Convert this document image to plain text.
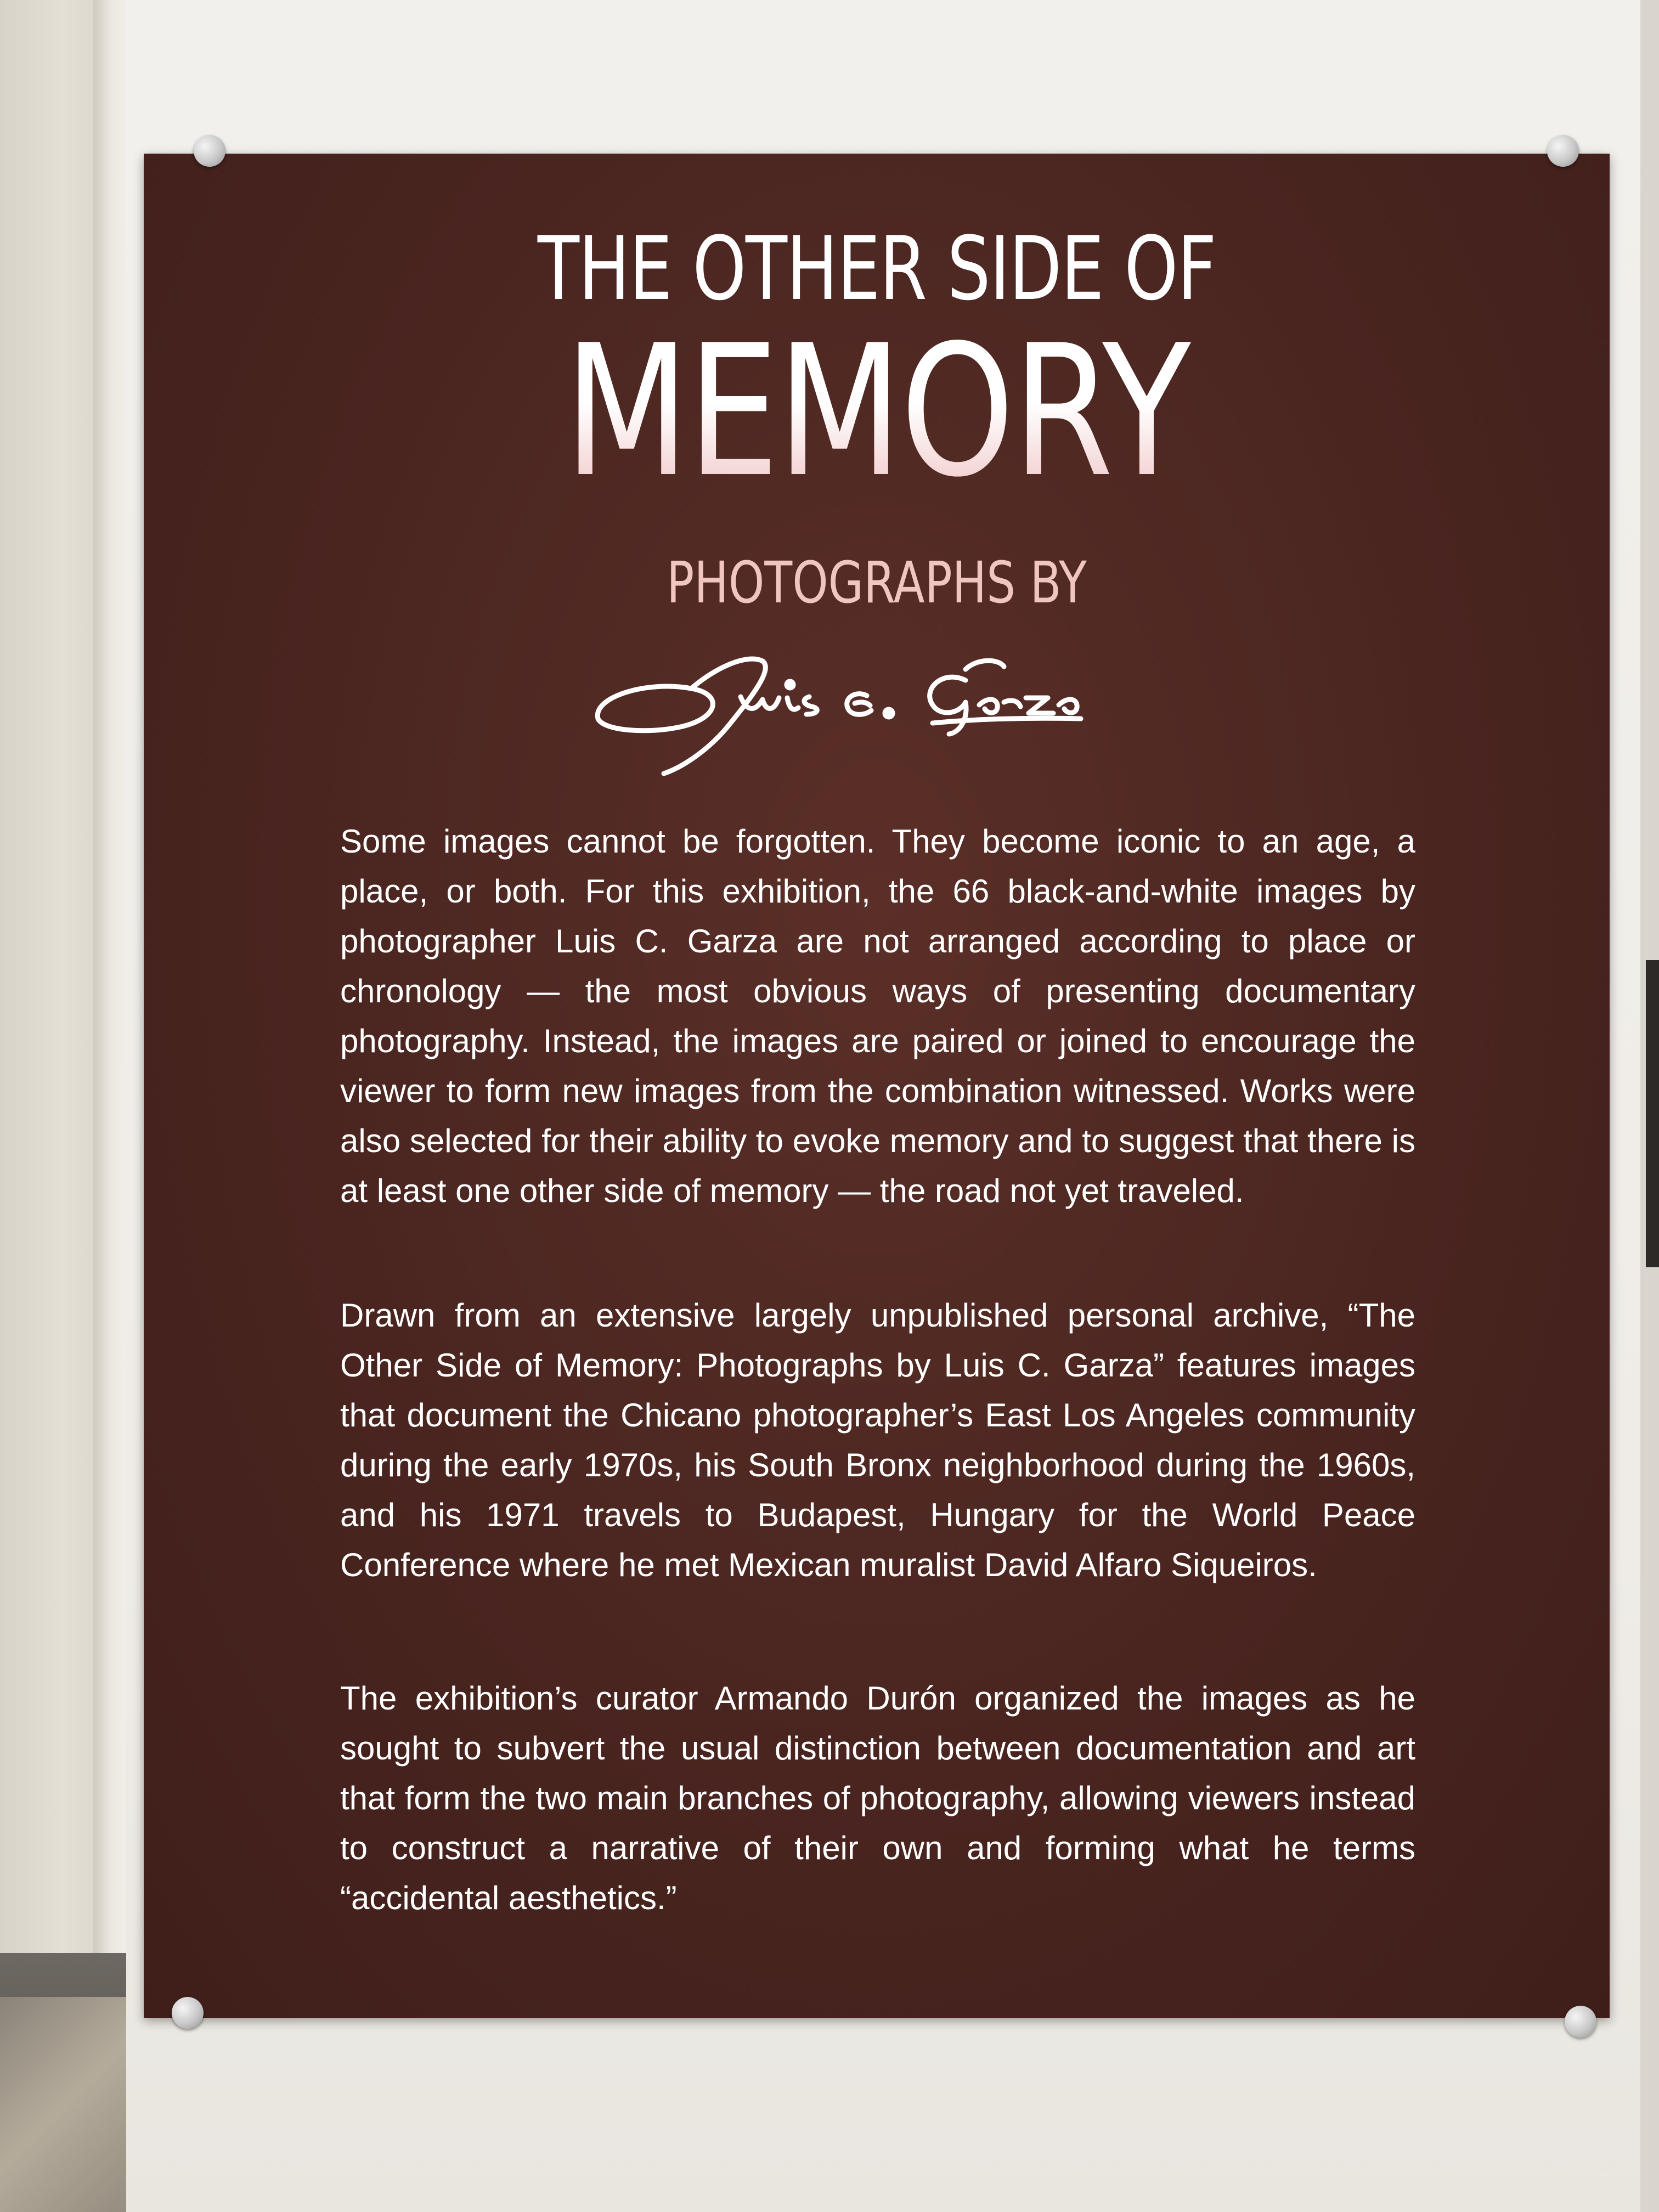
THE OTHER SIDE OF
MEMORY
PHOTOGRAPHS BY
Some images cannot be forgotten. They become iconic to an age, a place, or both. For this exhibition, the 66 black-and-white images by photographer Luis C. Garza are not arranged according to place or chronology — the most obvious ways of presenting documentary photography. Instead, the images are paired or joined to encourage the viewer to form new images from the combination witnessed. Works were also selected for their ability to evoke memory and to suggest that there is at least one other side of memory — the road not yet traveled.
Drawn from an extensive largely unpublished personal archive, “The Other Side of Memory: Photographs by Luis C. Garza” features images that document the Chicano photographer’s East Los Angeles community during the early 1970s, his South Bronx neighborhood during the 1960s, and his 1971 travels to Budapest, Hungary for the World Peace Conference where he met Mexican muralist David Alfaro Siqueiros.
The exhibition’s curator Armando Durón organized the images as he sought to subvert the usual distinction between documentation and art that form the two main branches of photography, allowing viewers instead to construct a narrative of their own and forming what he terms “accidental aesthetics.”
